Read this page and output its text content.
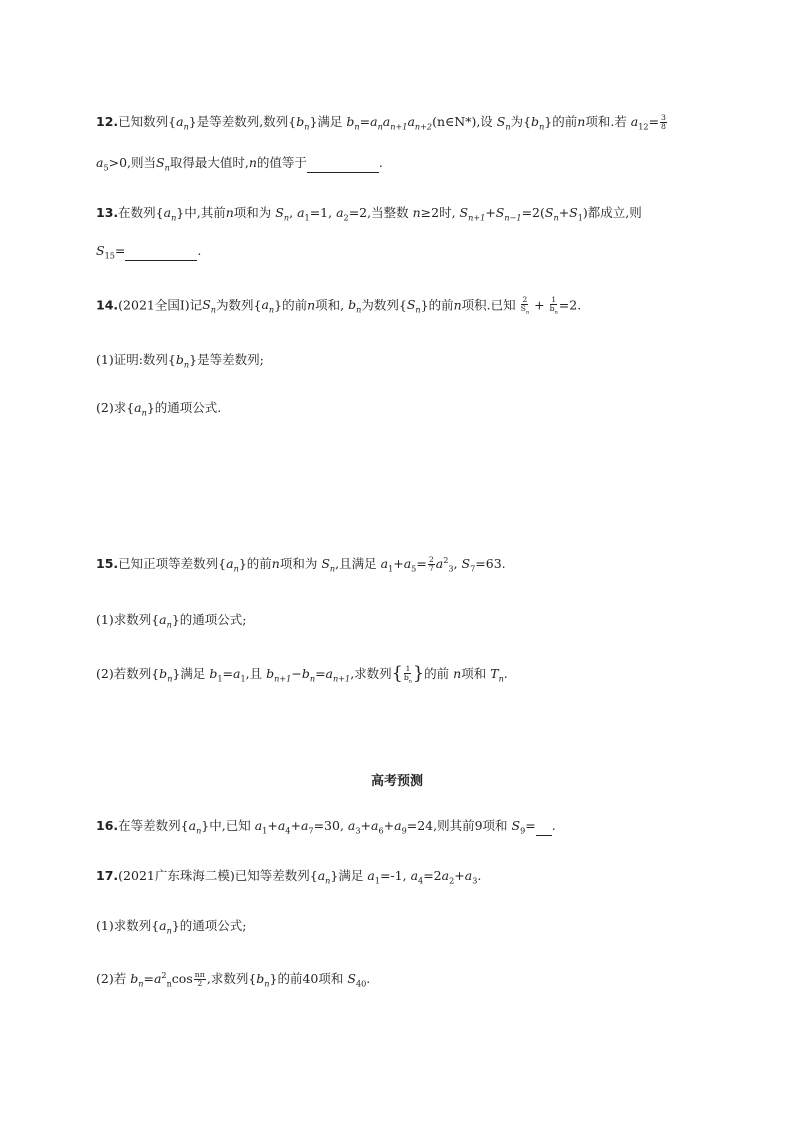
12.已知数列$\{a_n\}$是等差数列,数列$\{b_n\}$满足 $b_n=a_na_{n+1}a_{n+2}(n\in N*)$,设 $S_n$为$\{b_n\}$的前n项和.若 $a_{12}= \frac{3}{8}$
$a_5>0$,则当$S_n$取得最大值时,n的值等于	.
13.在数列$\{a_n\}$中,其前n项和为 $S_n$, $a_1=1$, $a_2=2$,当整数 n≥2时, $S_{n+1}+S_{n-1}=2(S_n+S_1)$都成立,则
$S_{15}=$	.
14.(2021全国Ⅰ)记$S_n$为数列$\{a_n\}$的前n项和, $b_n$为数列$\{S_n\}$的前n项积.已知 $\frac{2}{S_n} + \frac{1}{b_n} =2$.
(1)证明:数列$\{b_n\}$是等差数列;
(2)求$\{a_n\}$的通项公式.
15.已知正项等差数列$\{a_n\}$的前n项和为 $S_n$,且满足 $a_1+a_5= \frac{2}{7} a^2_3$, $S_7=63$.
(1)求数列$\{a_n\}$的通项公式;
(2)若数列$\{b_n\}$满足 $b_1=a_1$,且 $b_{n+1}-b_n=a_{n+1}$,求数列{ $\frac{1}{b_n}$ }的前 n项和 $T_n$.
高考预测
16.在等差数列$\{a_n\}$中,已知 $a_1+a_4+a_7=30$, $a_3+a_6+a_9=24$,则其前9项和 $S_9=$ .
17.(2021广东珠海二模)已知等差数列$\{a_n\}$满足 $a_1=-1$, $a_4=2a_2+a_3$.
(1)求数列$\{a_n\}$的通项公式;
(2)若 $b_n=a^2_n\cos \frac{n\pi}{2}$ ,求数列$\{b_n\}$的前40项和 $S_{40}$.
